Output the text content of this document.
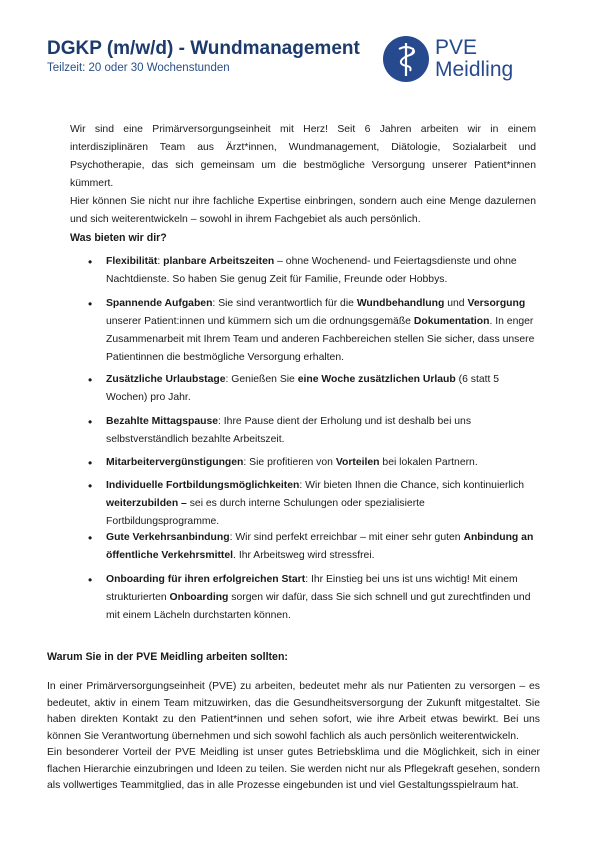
DGKP (m/w/d) - Wundmanagement
Teilzeit: 20 oder 30 Wochenstunden
PVE
Meidling

Wir sind eine Primärversorgungseinheit mit Herz! Seit 6 Jahren arbeiten wir in einem interdisziplinären Team aus Ärzt*innen, Wundmanagement, Diätologie, Sozialarbeit und Psychotherapie, das sich gemeinsam um die bestmögliche Versorgung unserer Patient*innen kümmert.

Hier können Sie nicht nur ihre fachliche Expertise einbringen, sondern auch eine Menge dazulernen und sich weiterentwickeln – sowohl in ihrem Fachgebiet als auch persönlich.

Was bieten wir dir?
• Flexibilität: planbare Arbeitszeiten – ohne Wochenend- und Feiertagsdienste und ohne Nachtdienste. So haben Sie genug Zeit für Familie, Freunde oder Hobbys.
• Spannende Aufgaben: Sie sind verantwortlich für die Wundbehandlung und Versorgung unserer Patient:innen und kümmern sich um die ordnungsgemäße Dokumentation. In enger Zusammenarbeit mit Ihrem Team und anderen Fachbereichen stellen Sie sicher, dass unsere Patientinnen die bestmögliche Versorgung erhalten.
• Zusätzliche Urlaubstage: Genießen Sie eine Woche zusätzlichen Urlaub (6 statt 5 Wochen) pro Jahr.
• Bezahlte Mittagspause: Ihre Pause dient der Erholung und ist deshalb bei uns selbstverständlich bezahlte Arbeitszeit.
• Mitarbeitervergünstigungen: Sie profitieren von Vorteilen bei lokalen Partnern.
• Individuelle Fortbildungsmöglichkeiten: Wir bieten Ihnen die Chance, sich kontinuierlich weiterzubilden – sei es durch interne Schulungen oder spezialisierte Fortbildungsprogramme.
• Gute Verkehrsanbindung: Wir sind perfekt erreichbar – mit einer sehr guten Anbindung an öffentliche Verkehrsmittel. Ihr Arbeitsweg wird stressfrei.
• Onboarding für ihren erfolgreichen Start: Ihr Einstieg bei uns ist uns wichtig! Mit einem strukturierten Onboarding sorgen wir dafür, dass Sie sich schnell und gut zurechtfinden und mit einem Lächeln durchstarten können.
Warum Sie in der PVE Meidling arbeiten sollten:

In einer Primärversorgungseinheit (PVE) zu arbeiten, bedeutet mehr als nur Patienten zu versorgen – es bedeutet, aktiv in einem Team mitzuwirken, das die Gesundheitsversorgung der Zukunft mitgestaltet. Sie haben direkten Kontakt zu den Patient*innen und sehen sofort, wie ihre Arbeit etwas bewirkt. Bei uns können Sie Verantwortung übernehmen und sich sowohl fachlich als auch persönlich weiterentwickeln.

Ein besonderer Vorteil der PVE Meidling ist unser gutes Betriebsklima und die Möglichkeit, sich in einer flachen Hierarchie einzubringen und Ideen zu teilen. Sie werden nicht nur als Pflegekraft gesehen, sondern als vollwertiges Teammitglied, das in alle Prozesse eingebunden ist und viel Gestaltungsspielraum hat.
